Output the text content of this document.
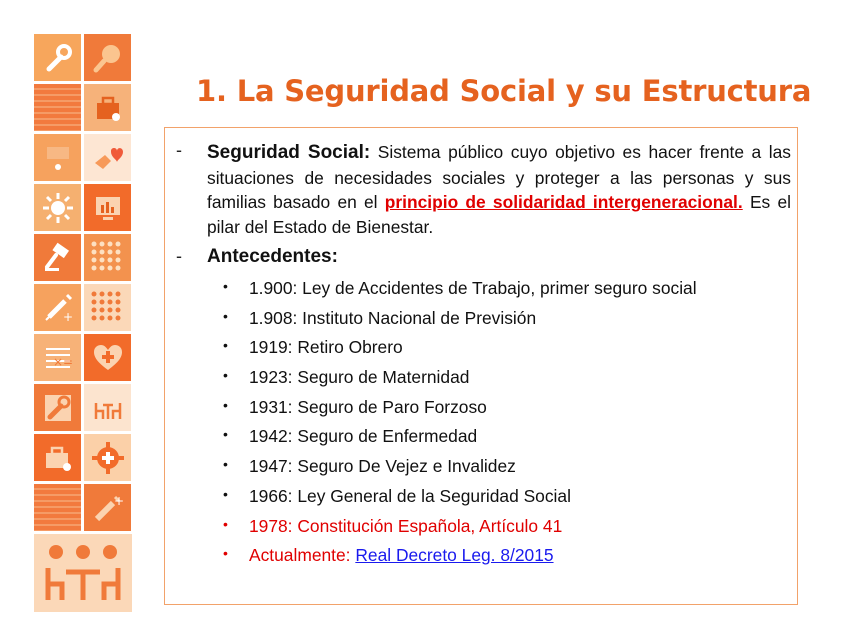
+
×=
+
1. La Seguridad Social y su Estructura
- Seguridad Social: Sistema público cuyo objetivo es hacer frente a las situaciones de necesidades sociales y proteger a las personas y sus familias basado en el principio de solidaridad intergeneracional. Es el pilar del Estado de Bienestar.
- Antecedentes:
• 1.900: Ley de Accidentes de Trabajo, primer seguro social
• 1.908: Instituto Nacional de Previsión
• 1919: Retiro Obrero
• 1923: Seguro de Maternidad
• 1931: Seguro de Paro Forzoso
• 1942: Seguro de Enfermedad
• 1947: Seguro De Vejez e Invalidez
• 1966: Ley General de la Seguridad Social
• 1978: Constitución Española, Artículo 41
• Actualmente: Real Decreto Leg. 8/2015
